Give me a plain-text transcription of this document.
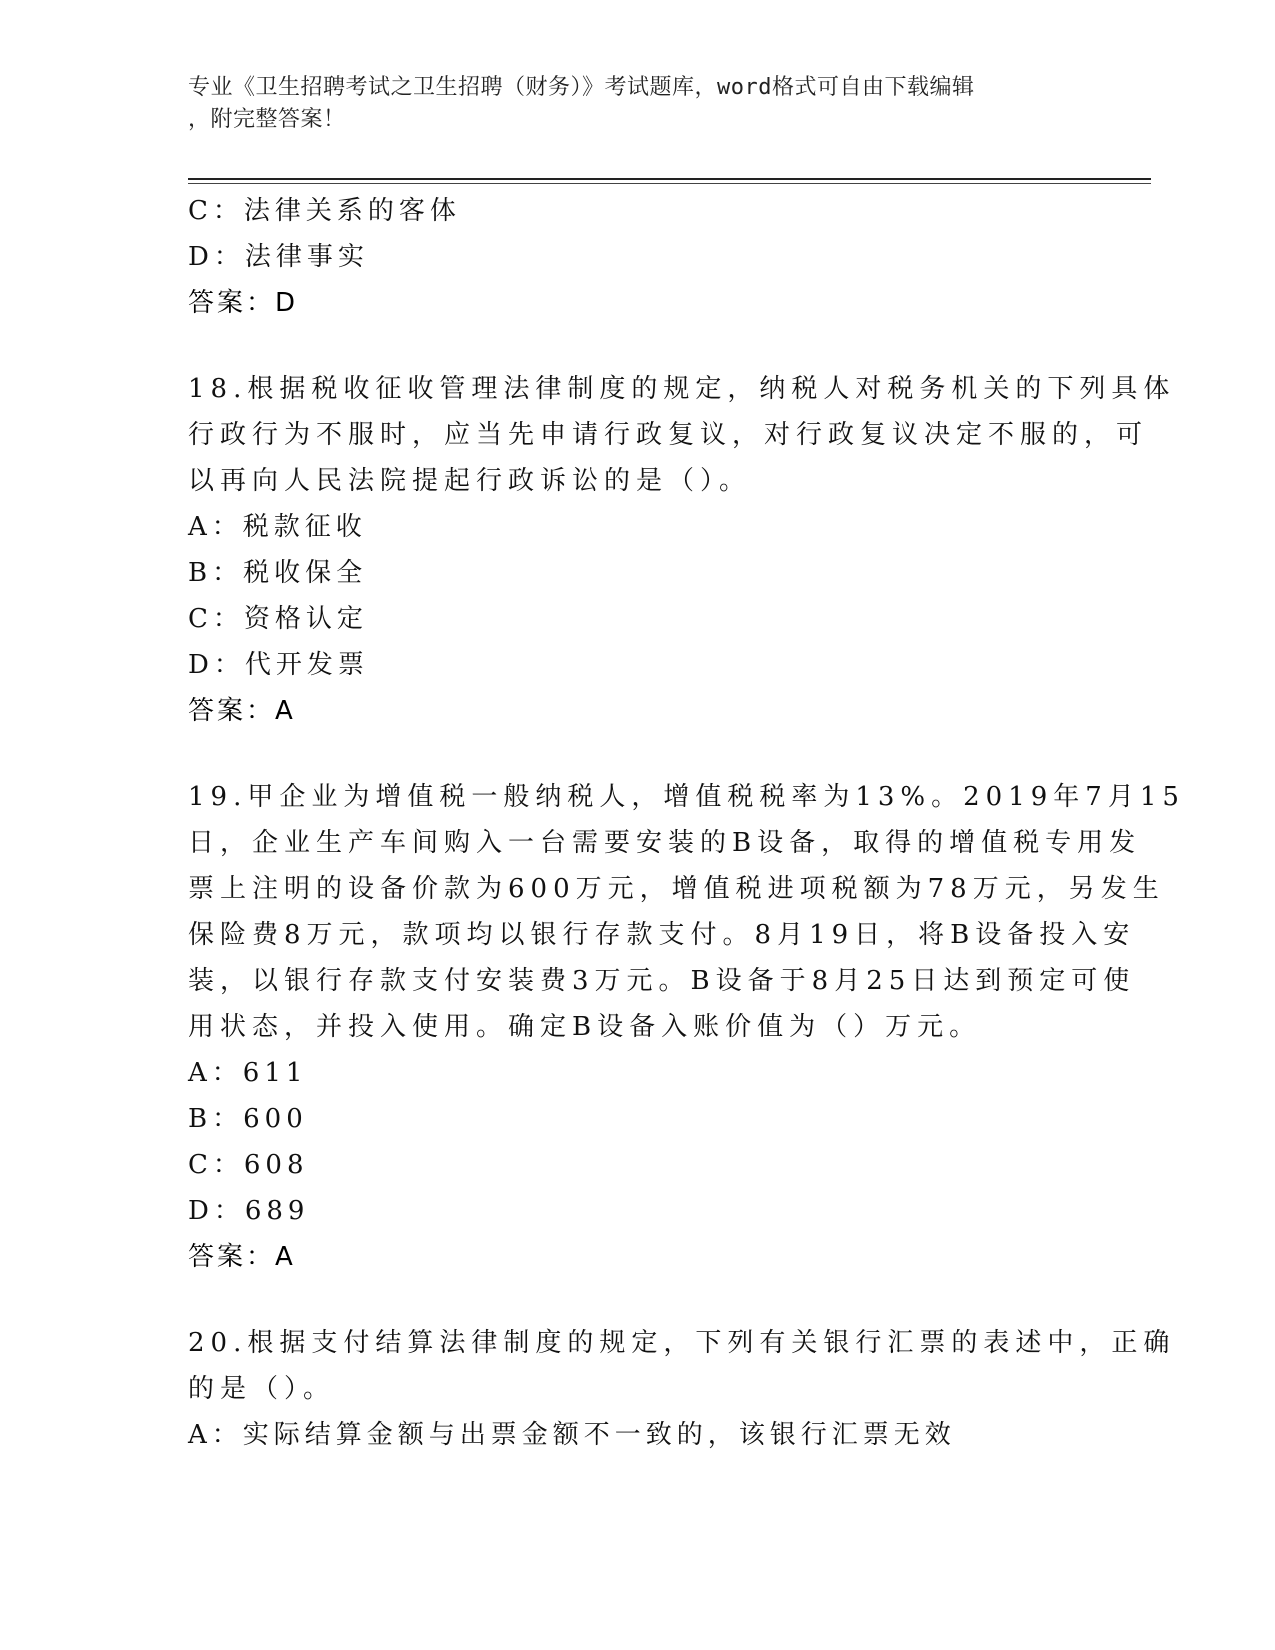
专业《卫生招聘考试之卫生招聘（财务）》考试题库，word格式可自由下载编辑
，附完整答案！
C：法律关系的客体
D：法律事实
答案：D
18.根据税收征收管理法律制度的规定，纳税人对税务机关的下列具体
行政行为不服时，应当先申请行政复议，对行政复议决定不服的，可
以再向人民法院提起行政诉讼的是（）。
A：税款征收
B：税收保全
C：资格认定
D：代开发票
答案：A
19.甲企业为增值税一般纳税人，增值税税率为13%。2019年7月15
日，企业生产车间购入一台需要安装的B设备，取得的增值税专用发
票上注明的设备价款为600万元，增值税进项税额为78万元，另发生
保险费8万元，款项均以银行存款支付。8月19日，将B设备投入安
装，以银行存款支付安装费3万元。B设备于8月25日达到预定可使
用状态，并投入使用。确定B设备入账价值为（）万元。
A：611
B：600
C：608
D：689
答案：A
20.根据支付结算法律制度的规定，下列有关银行汇票的表述中，正确
的是（）。
A：实际结算金额与出票金额不一致的，该银行汇票无效
